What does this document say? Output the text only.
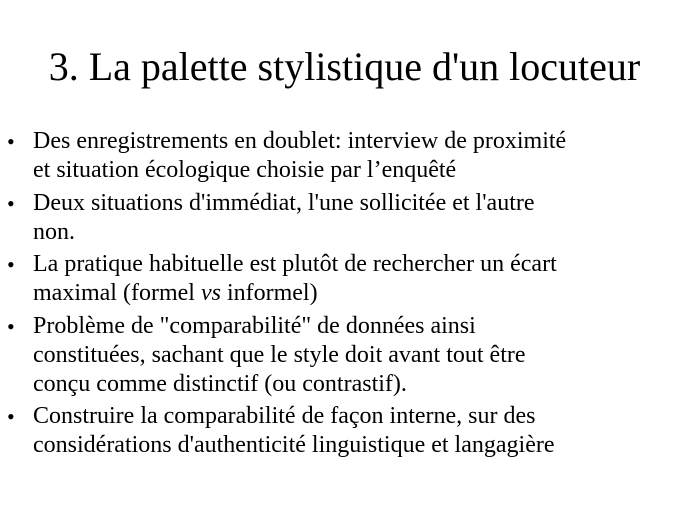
3. La palette stylistique d'un locuteur
• Des enregistrements en doublet: interview de proximité
et situation écologique choisie par l’enquêté
• Deux situations d'immédiat, l'une sollicitée et l'autre
non.
• La pratique habituelle est plutôt de rechercher un écart
maximal (formel vs informel)
• Problème de "comparabilité" de données ainsi
constituées, sachant que le style doit avant tout être
conçu comme distinctif (ou contrastif).
• Construire la comparabilité de façon interne, sur des
considérations d'authenticité linguistique et langagière
